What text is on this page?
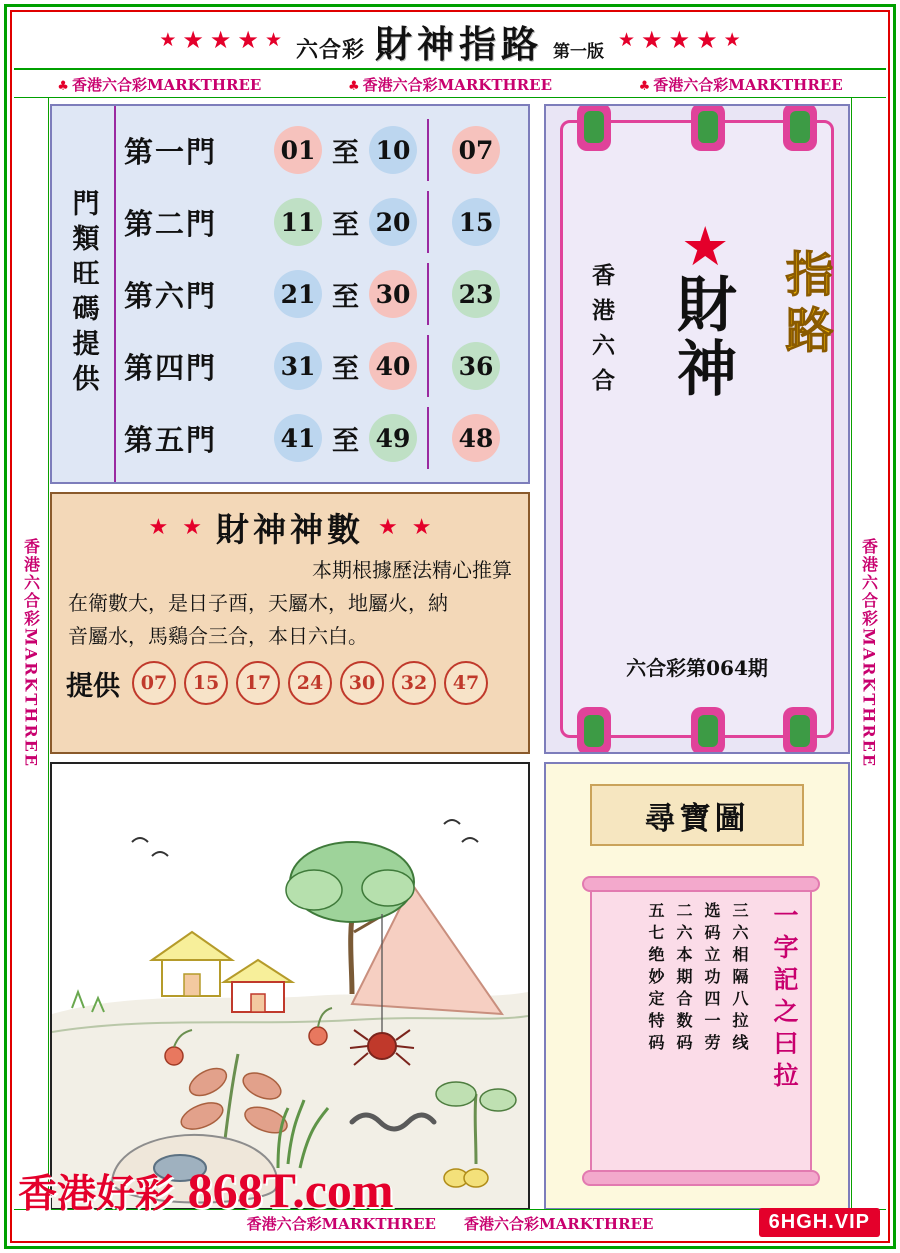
★ ★ ★ ★ ★ 六合彩 財神指路 第一版
★ ★ ★ ★ ★
♣ 香港六合彩MARKTHREE	♣ 香港六合彩MARKTHREE	♣ 香港六合彩MARKTHREE
香港六合彩MARKTHREE	香港六合彩MARKTHREE
門類旺碼提供
第一門	01 至 10 07
第二門	11 至 20 15
第六門	21 至 30 23
第四門	31 至 40 36
第五門	41 至 49 48
★ ★ 財神神數 ★ ★
本期根據歷法精心推算
在衛數大，是日子酉，天屬木，地屬火，納
音屬水，馬鷄合三合，本日六白。
提供	07	15	17	24	30	32	47
香港六合
★
財神 指路
六合彩第064期
尋寶圖
一字記之曰拉
三六相隔八拉线
选码立功四一劳
二六本期合数码
五七绝妙定特码
香港六合彩MARKTHREE 香港六合彩MARKTHREE
香港好彩 868T.com
6HGH.VIP
